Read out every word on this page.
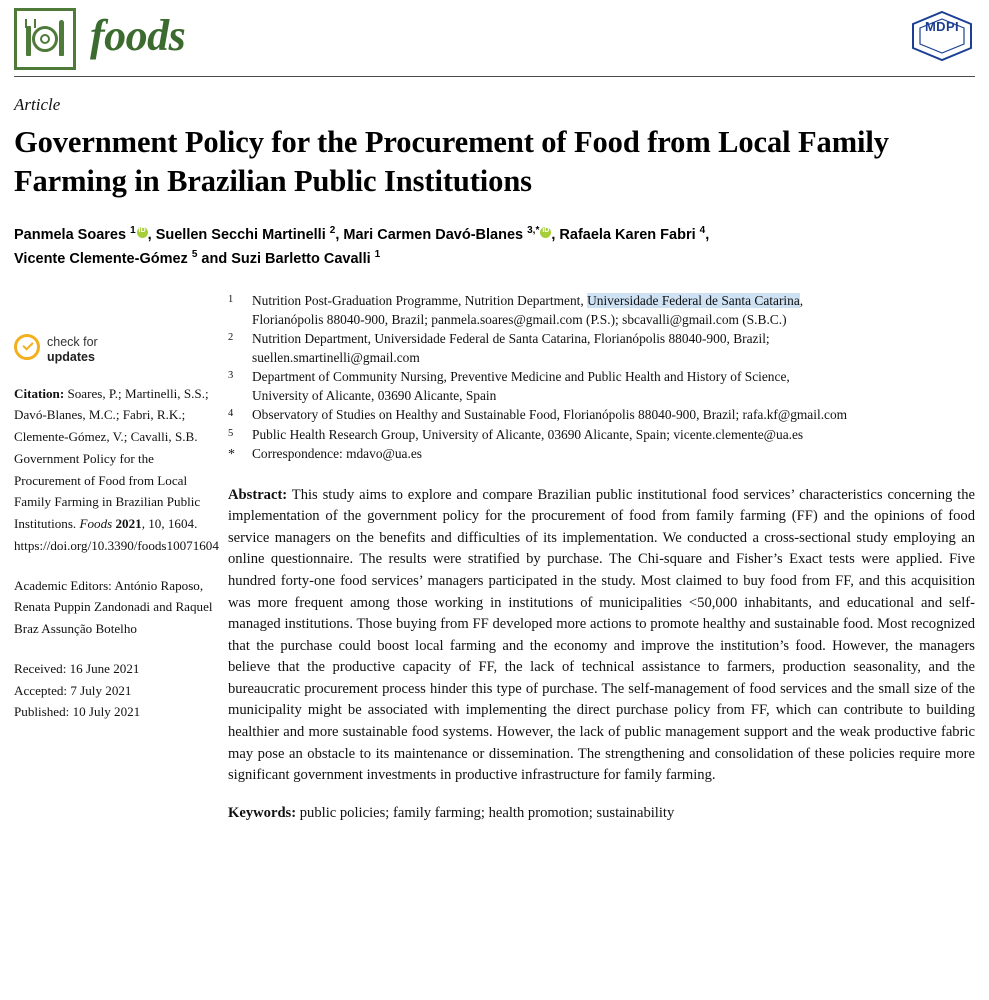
foods	MDPI
Article
Government Policy for the Procurement of Food from Local Family Farming in Brazilian Public Institutions
Panmela Soares $^1$ iD , Suellen Secchi Martinelli $^2$, Mari Carmen Davó-Blanes $^{3,*}$ iD , Rafaela Karen Fabri $^4$,
Vicente Clemente-Gómez $^5$ and Suzi Barletto Cavalli $^1$
check for
updates
Citation: Soares, P.; Martinelli, S.S.; Davó-Blanes, M.C.; Fabri, R.K.; Clemente-Gómez, V.; Cavalli, S.B. Government Policy for the Procurement of Food from Local Family Farming in Brazilian Public Institutions. Foods 2021, 10, 1604. https://doi.org/10.3390/foods10071604
Academic Editors: António Raposo, Renata Puppin Zandonadi and Raquel Braz Assunção Botelho
Received: 16 June 2021
Accepted: 7 July 2021
Published: 10 July 2021
1	Nutrition Post-Graduation Programme, Nutrition Department, Universidade Federal de Santa Catarina,
Florianópolis 88040-900, Brazil; panmela.soares@gmail.com (P.S.); sbcavalli@gmail.com (S.B.C.)
2	Nutrition Department, Universidade Federal de Santa Catarina, Florianópolis 88040-900, Brazil;
suellen.smartinelli@gmail.com
3	Department of Community Nursing, Preventive Medicine and Public Health and History of Science,
University of Alicante, 03690 Alicante, Spain
4	Observatory of Studies on Healthy and Sustainable Food, Florianópolis 88040-900, Brazil; rafa.kf@gmail.com
5	Public Health Research Group, University of Alicante, 03690 Alicante, Spain; vicente.clemente@ua.es
*	Correspondence: mdavo@ua.es
Abstract: This study aims to explore and compare Brazilian public institutional food services’ characteristics concerning the implementation of the government policy for the procurement of food from family farming (FF) and the opinions of food service managers on the benefits and difficulties of its implementation. We conducted a cross-sectional study employing an online questionnaire. The results were stratified by purchase. The Chi-square and Fisher’s Exact tests were applied. Five hundred forty-one food services’ managers participated in the study. Most claimed to buy food from FF, and this acquisition was more frequent among those working in institutions of municipalities <50,000 inhabitants, and educational and self-managed institutions. Those buying from FF developed more actions to promote healthy and sustainable food. Most recognized that the purchase could boost local farming and the economy and improve the institution’s food. However, the managers believe that the productive capacity of FF, the lack of technical assistance to farmers, production seasonality, and the bureaucratic procurement process hinder this type of purchase. The self-management of food services and the small size of the municipality might be associated with implementing the direct purchase policy from FF, which can contribute to building healthier and more sustainable food systems. However, the lack of public management support and the weak productive fabric may pose an obstacle to its maintenance or dissemination. The strengthening and consolidation of these policies require more significant government investments in productive infrastructure for family farming.
Keywords: public policies; family farming; health promotion; sustainability
